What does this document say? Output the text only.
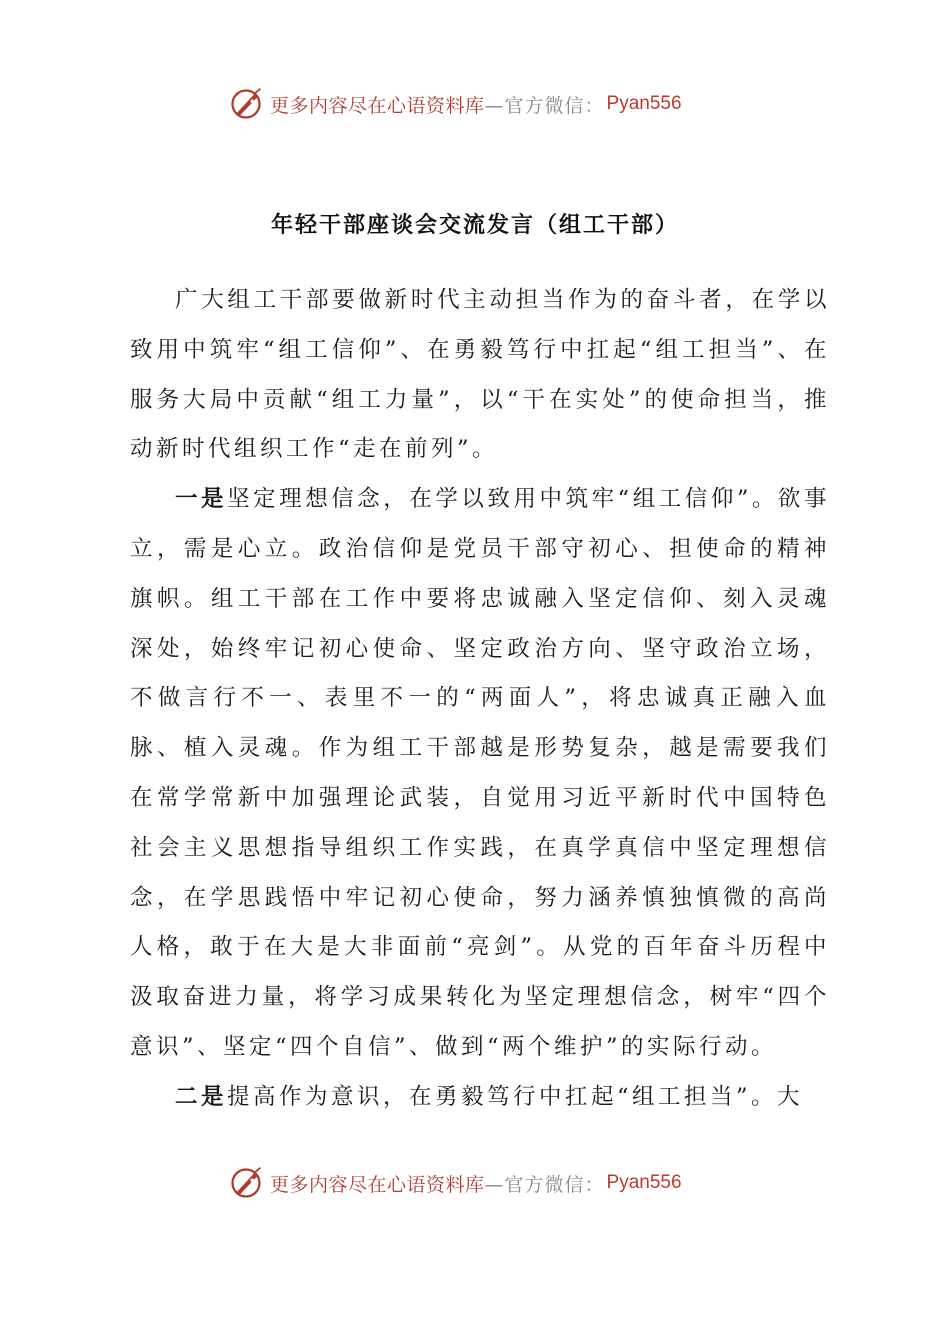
更多内容尽在心语资料库 —官方微信： Pyan556
年轻干部座谈会交流发言（组工干部）

广大组工干部要做新时代主动担当作为的奋斗者，在学以致用中筑牢“组工信仰”、在勇毅笃行中扛起“组工担当”、在服务大局中贡献“组工力量”，以“干在实处”的使命担当，推动新时代组织工作“走在前列”。

一是坚定理想信念，在学以致用中筑牢“组工信仰”。欲事立，需是心立。政治信仰是党员干部守初心、担使命的精神旗帜。组工干部在工作中要将忠诚融入坚定信仰、刻入灵魂深处，始终牢记初心使命、坚定政治方向、坚守政治立场，不做言行不一、表里不一的“两面人”，将忠诚真正融入血脉、植入灵魂。作为组工干部越是形势复杂，越是需要我们在常学常新中加强理论武装，自觉用习近平新时代中国特色社会主义思想指导组织工作实践，在真学真信中坚定理想信念，在学思践悟中牢记初心使命，努力涵养慎独慎微的高尚人格，敢于在大是大非面前“亮剑”。从党的百年奋斗历程中汲取奋进力量，将学习成果转化为坚定理想信念，树牢“四个意识”、坚定“四个自信”、做到“两个维护”的实际行动。

二是提高作为意识，在勇毅笃行中扛起“组工担当”。大

更多内容尽在心语资料库 —官方微信： Pyan556
